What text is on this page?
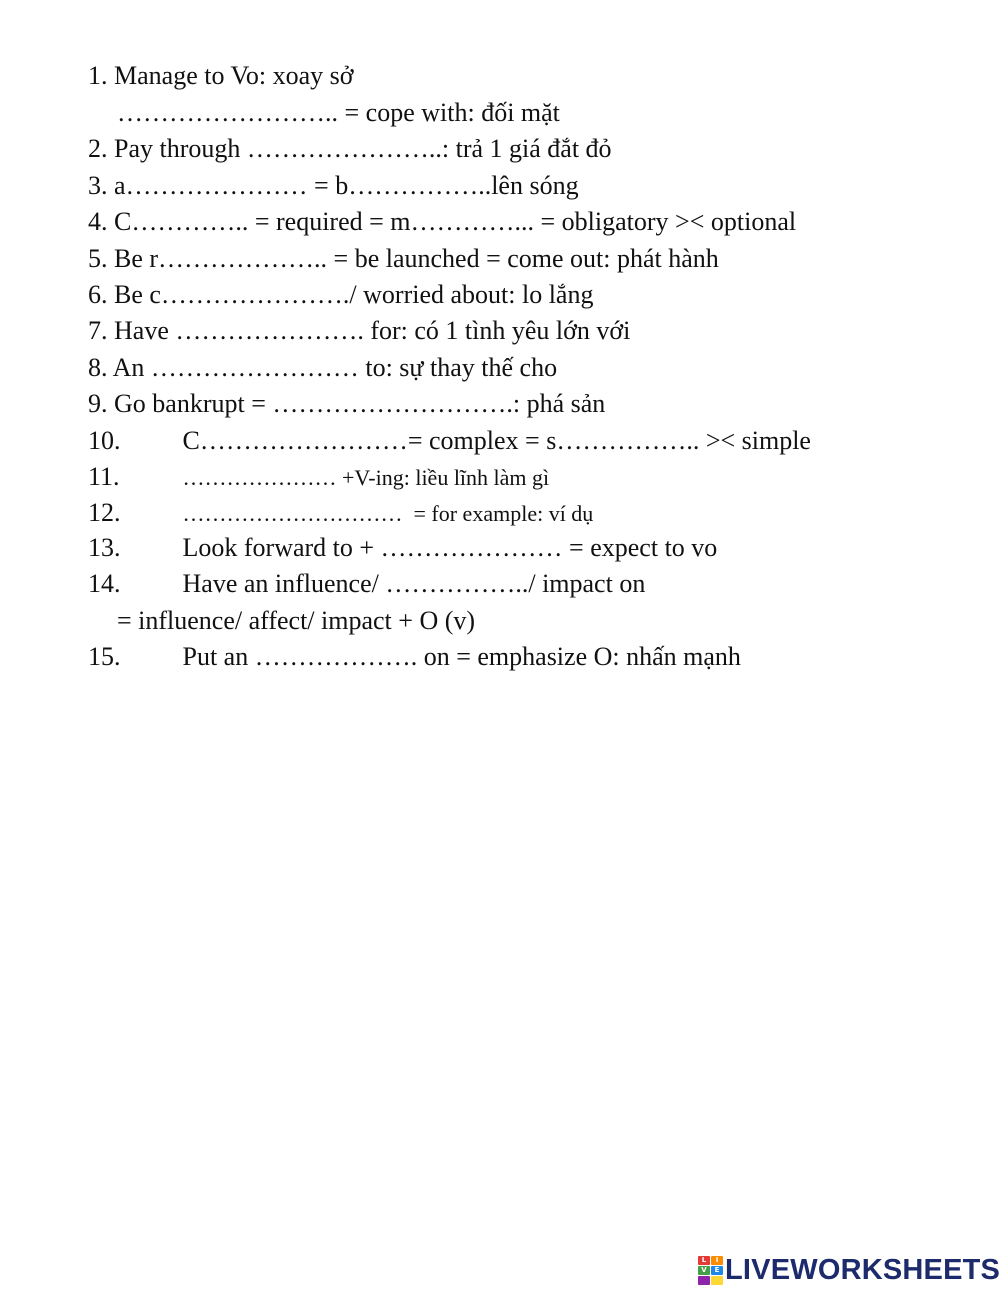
1. Manage to Vo: xoay sở
…………………….. = cope with: đối mặt
2. Pay through …………………..: trả 1 giá đắt đỏ
3. a………………… = b……………..lên sóng
4. C………….. = required = m…………... = obligatory >< optional
5. Be r……………….. = be launched = come out: phát hành
6. Be c…………………./ worried about: lo lắng
7. Have …………………. for: có 1 tình yêu lớn với
8. An …………………… to: sự thay thế cho
9. Go bankrupt = ……………………….: phá sản
10. C……………………= complex = s…………….. >< simple
11.	………………… +V-ing: liều lĩnh làm gì
12.	…………………………  = for example: ví dụ
13. Look forward to + ………………… = expect to vo
14. Have an influence/ ……………../ impact on
= influence/ affect/ impact + O (v)
15. Put an ………………. on = emphasize O: nhấn mạnh
L	I
V	E LIVEWORKSHEETS
